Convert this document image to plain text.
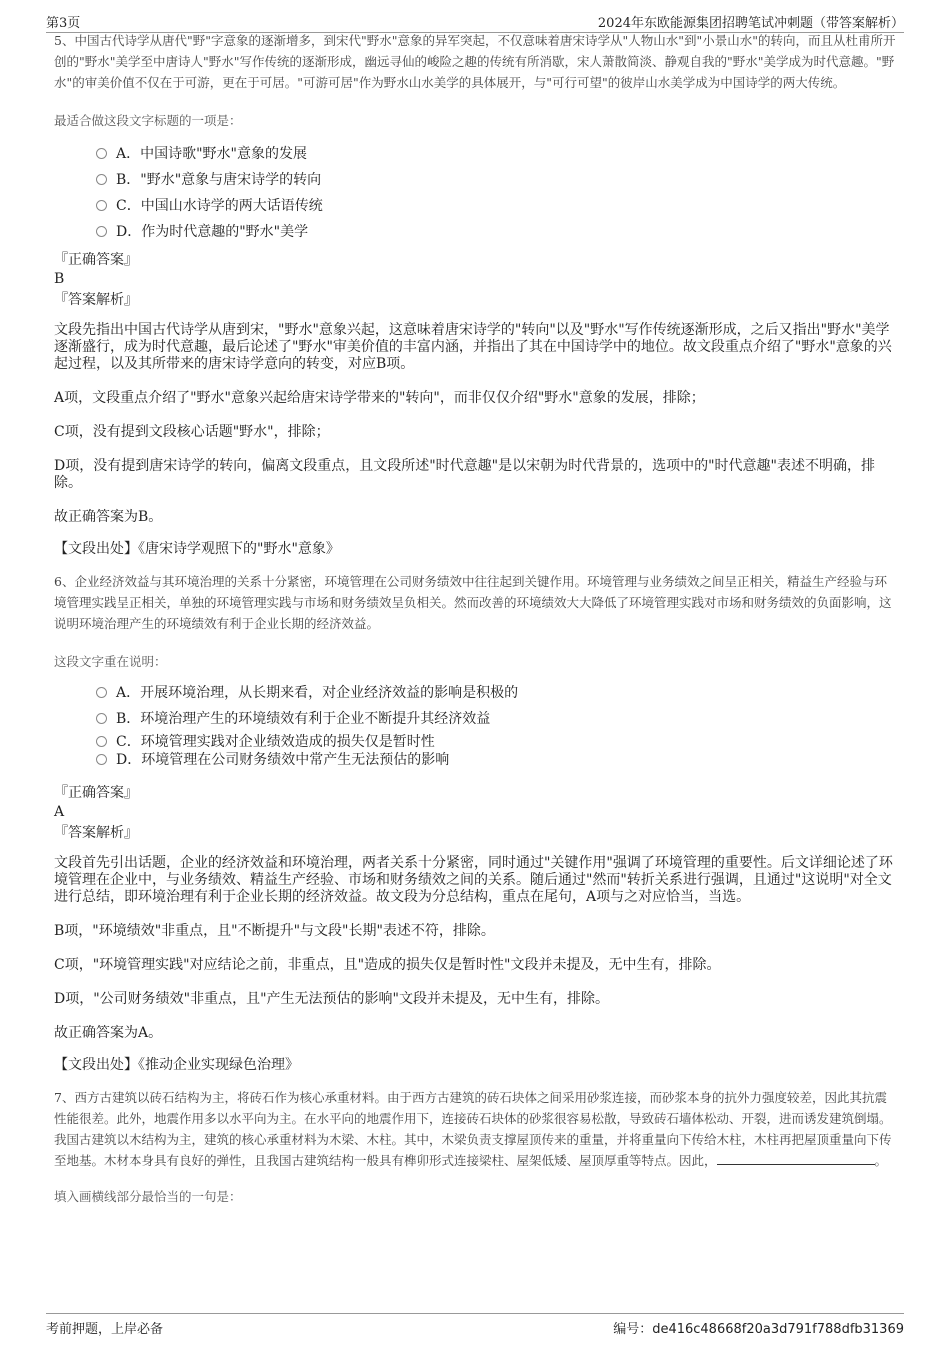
第3页	2024年东欧能源集团招聘笔试冲刺题（带答案解析）

5、中国古代诗学从唐代"野"字意象的逐渐增多，到宋代"野水"意象的异军突起，不仅意味着唐宋诗学从"人物山水"到"小景山水"的转向，而且从杜甫所开创的"野水"美学至中唐诗人"野水"写作传统的逐渐形成，幽远寻仙的峻险之趣的传统有所消歇，宋人萧散简淡、静观自我的"野水"美学成为时代意趣。"野水"的审美价值不仅在于可游，更在于可居。"可游可居"作为野水山水美学的具体展开，与"可行可望"的彼岸山水美学成为中国诗学的两大传统。

最适合做这段文字标题的一项是：

A．中国诗歌"野水"意象的发展
B．"野水"意象与唐宋诗学的转向
C．中国山水诗学的两大话语传统
D．作为时代意趣的"野水"美学

『正确答案』

B

『答案解析』

文段先指出中国古代诗学从唐到宋，"野水"意象兴起，这意味着唐宋诗学的"转向"以及"野水"写作传统逐渐形成，之后又指出"野水"美学逐渐盛行，成为时代意趣，最后论述了"野水"审美价值的丰富内涵，并指出了其在中国诗学中的地位。故文段重点介绍了"野水"意象的兴起过程，以及其所带来的唐宋诗学意向的转变，对应B项。

A项，文段重点介绍了"野水"意象兴起给唐宋诗学带来的"转向"，而非仅仅介绍"野水"意象的发展，排除；

C项，没有提到文段核心话题"野水"，排除；

D项，没有提到唐宋诗学的转向，偏离文段重点，且文段所述"时代意趣"是以宋朝为时代背景的，选项中的"时代意趣"表述不明确，排除。

故正确答案为B。

【文段出处】《唐宋诗学观照下的"野水"意象》

6、企业经济效益与其环境治理的关系十分紧密，环境管理在公司财务绩效中往往起到关键作用。环境管理与业务绩效之间呈正相关，精益生产经验与环境管理实践呈正相关，单独的环境管理实践与市场和财务绩效呈负相关。然而改善的环境绩效大大降低了环境管理实践对市场和财务绩效的负面影响，这说明环境治理产生的环境绩效有利于企业长期的经济效益。

这段文字重在说明：

A．开展环境治理，从长期来看，对企业经济效益的影响是积极的
B．环境治理产生的环境绩效有利于企业不断提升其经济效益
C．环境管理实践对企业绩效造成的损失仅是暂时性
D．环境管理在公司财务绩效中常产生无法预估的影响

『正确答案』

A

『答案解析』

文段首先引出话题，企业的经济效益和环境治理，两者关系十分紧密，同时通过"关键作用"强调了环境管理的重要性。后文详细论述了环境管理在企业中，与业务绩效、精益生产经验、市场和财务绩效之间的关系。随后通过"然而"转折关系进行强调，且通过"这说明"对全文进行总结，即环境治理有利于企业长期的经济效益。故文段为分总结构，重点在尾句，A项与之对应恰当，当选。

B项，"环境绩效"非重点，且"不断提升"与文段"长期"表述不符，排除。

C项，"环境管理实践"对应结论之前，非重点，且"造成的损失仅是暂时性"文段并未提及，无中生有，排除。

D项，"公司财务绩效"非重点，且"产生无法预估的影响"文段并未提及，无中生有，排除。

故正确答案为A。

【文段出处】《推动企业实现绿色治理》

7、西方古建筑以砖石结构为主，将砖石作为核心承重材料。由于西方古建筑的砖石块体之间采用砂浆连接，而砂浆本身的抗外力强度较差，因此其抗震性能很差。此外，地震作用多以水平向为主。在水平向的地震作用下，连接砖石块体的砂浆很容易松散，导致砖石墙体松动、开裂，进而诱发建筑倒塌。我国古建筑以木结构为主，建筑的核心承重材料为木梁、木柱。其中，木梁负责支撑屋顶传来的重量，并将重量向下传给木柱，木柱再把屋顶重量向下传至地基。木材本身具有良好的弹性，且我国古建筑结构一般具有榫卯形式连接梁柱、屋架低矮、屋顶厚重等特点。因此，	。

填入画横线部分最恰当的一句是：

考前押题，上岸必备	编号：de416c48668f20a3d791f788dfb31369
